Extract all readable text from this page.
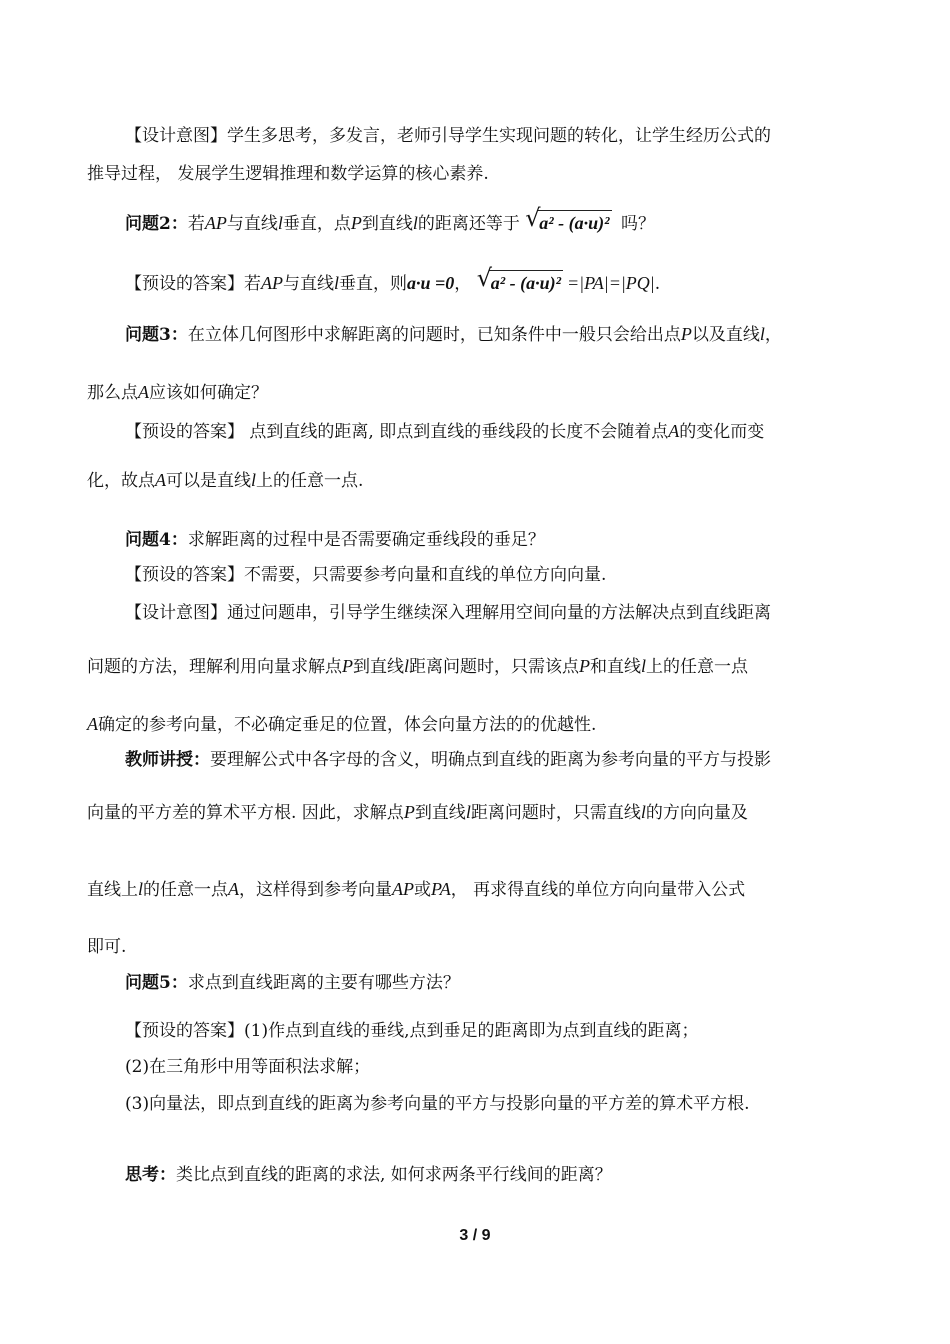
【设计意图】学生多思考，多发言，老师引导学生实现问题的转化，让学生经历公式的
推导过程， 发展学生逻辑推理和数学运算的核心素养.
问题2：若AP与直线l垂直，点P到直线l的距离还等于 √
a² - (a·u)² 吗？
【预设的答案】若AP与直线l垂直，则a·u =0， √
a² - (a·u)² =|PA|=|PQ|.
问题3：在立体几何图形中求解距离的问题时，已知条件中一般只会给出点P以及直线l，
那么点A应该如何确定？
【预设的答案】 点到直线的距离, 即点到直线的垂线段的长度不会随着点A的变化而变
化，故点A可以是直线l上的任意一点.
问题4：求解距离的过程中是否需要确定垂线段的垂足？
【预设的答案】不需要，只需要参考向量和直线的单位方向向量.
【设计意图】通过问题串，引导学生继续深入理解用空间向量的方法解决点到直线距离
问题的方法，理解利用向量求解点P到直线l距离问题时，只需该点P和直线l上的任意一点
A确定的参考向量，不必确定垂足的位置，体会向量方法的的优越性.
教师讲授：要理解公式中各字母的含义，明确点到直线的距离为参考向量的平方与投影
向量的平方差的算术平方根. 因此，求解点P到直线l距离问题时，只需直线l的方向向量及
直线上l的任意一点A，这样得到参考向量AP或PA， 再求得直线的单位方向向量带入公式
即可.
问题5：求点到直线距离的主要有哪些方法？
【预设的答案】(1)作点到直线的垂线,点到垂足的距离即为点到直线的距离；
(2)在三角形中用等面积法求解；
(3)向量法，即点到直线的距离为参考向量的平方与投影向量的平方差的算术平方根.
思考：类比点到直线的距离的求法, 如何求两条平行线间的距离？
3 / 9
